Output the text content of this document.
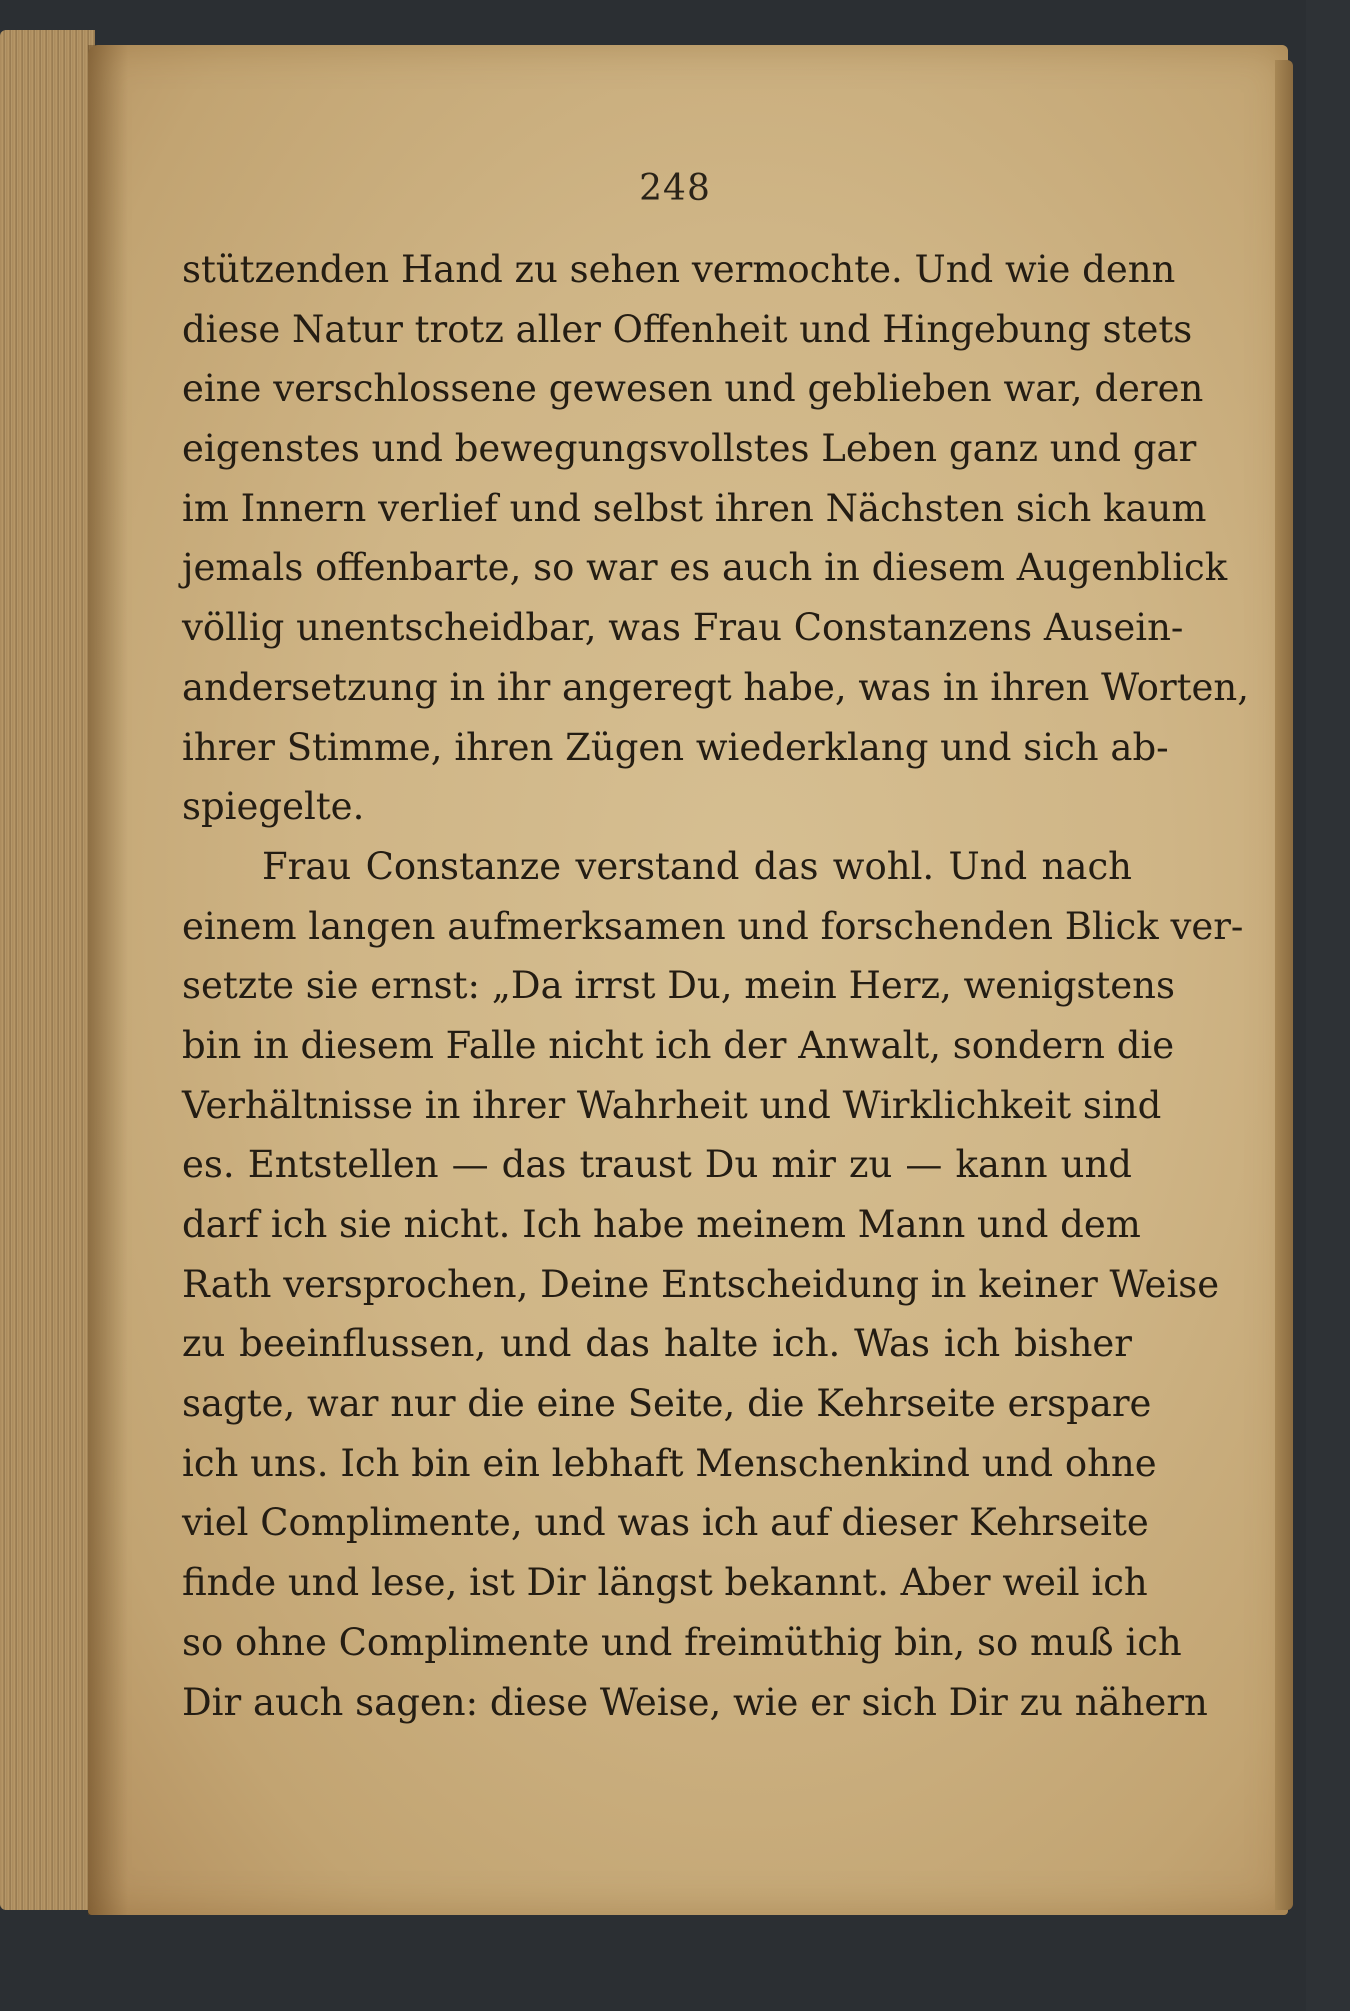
248
stützenden Hand zu sehen vermochte. Und wie denn
diese Natur trotz aller Offenheit und Hingebung stets
eine verschlossene gewesen und geblieben war, deren
eigenstes und bewegungsvollstes Leben ganz und gar
im Innern verlief und selbst ihren Nächsten sich kaum
jemals offenbarte, so war es auch in diesem Augenblick
völlig unentscheidbar, was Frau Constanzens Ausein-
andersetzung in ihr angeregt habe, was in ihren Worten,
ihrer Stimme, ihren Zügen wiederklang und sich ab-
spiegelte.
Frau Constanze verstand das wohl. Und nach
einem langen aufmerksamen und forschenden Blick ver-
setzte sie ernst: „Da irrst Du, mein Herz, wenigstens
bin in diesem Falle nicht ich der Anwalt, sondern die
Verhältnisse in ihrer Wahrheit und Wirklichkeit sind
es. Entstellen — das traust Du mir zu — kann und
darf ich sie nicht. Ich habe meinem Mann und dem
Rath versprochen, Deine Entscheidung in keiner Weise
zu beeinflussen, und das halte ich. Was ich bisher
sagte, war nur die eine Seite, die Kehrseite erspare
ich uns. Ich bin ein lebhaft Menschenkind und ohne
viel Complimente, und was ich auf dieser Kehrseite
finde und lese, ist Dir längst bekannt. Aber weil ich
so ohne Complimente und freimüthig bin, so muß ich
Dir auch sagen: diese Weise, wie er sich Dir zu nähern
